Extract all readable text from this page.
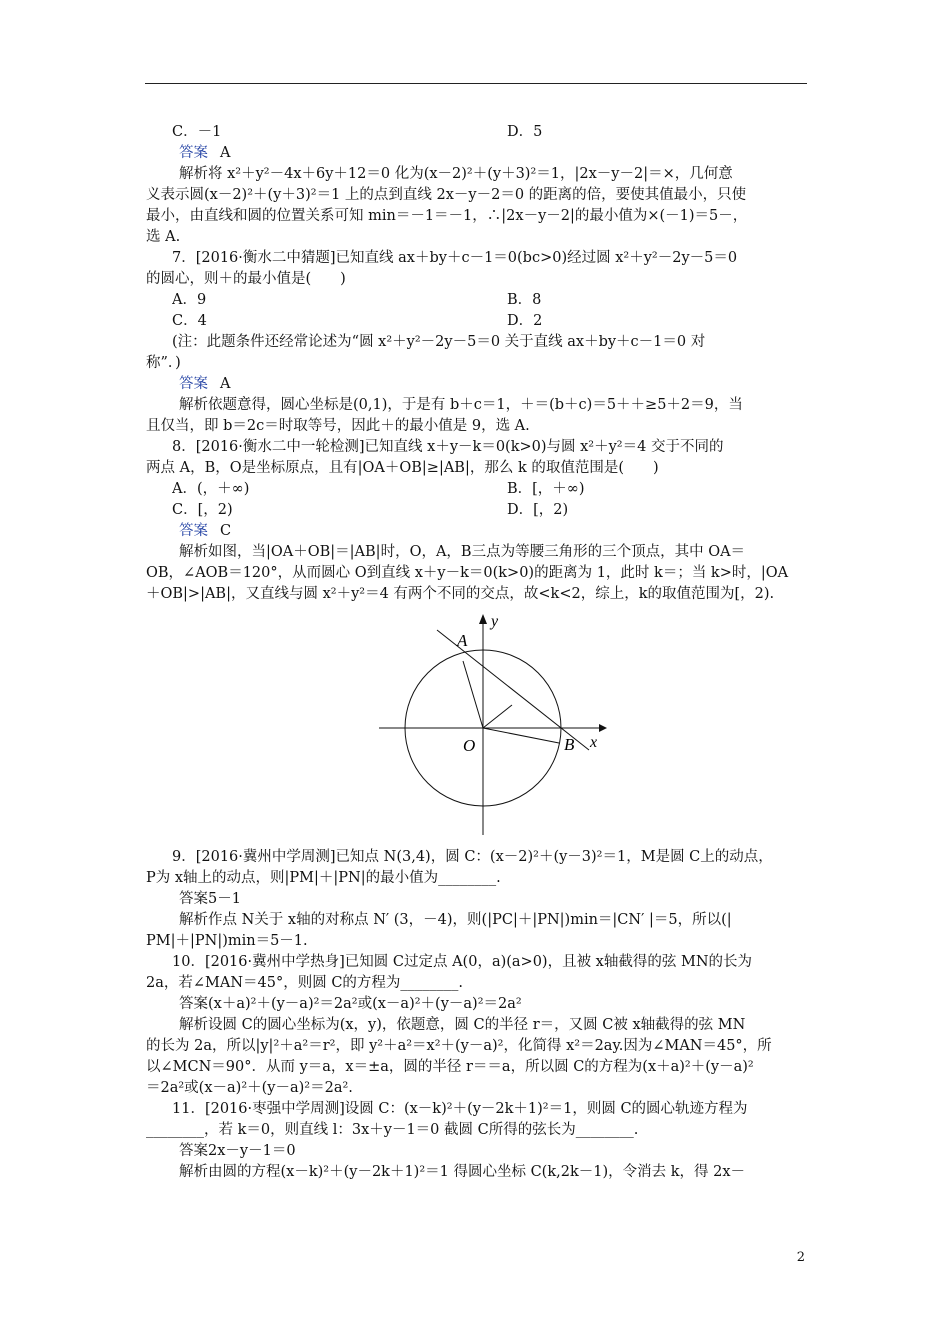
C．－1	D．5
答案 A
解析将 x²＋y²－4x＋6y＋12＝0 化为(x－2)²＋(y＋3)²＝1，|2x－y－2|＝×，几何意
义表示圆(x－2)²＋(y＋3)²＝1 上的点到直线 2x－y－2＝0 的距离的倍，要使其值最小，只使
最小，由直线和圆的位置关系可知 min＝－1＝－1，∴|2x－y－2|的最小值为×(－1)＝5－，
选 A.
7．[2016·衡水二中猜题]已知直线 ax＋by＋c－1＝0(bc>0)经过圆 x²＋y²－2y－5＝0
的圆心，则＋的最小值是(　　)
A．9	B．8
C．4	D．2
(注：此题条件还经常论述为“圆 x²＋y²－2y－5＝0 关于直线 ax＋by＋c－1＝0 对
称”．)
答案 A
解析依题意得，圆心坐标是(0,1)，于是有 b＋c＝1，＋＝(b＋c)＝5＋＋≥5＋2＝9，当
且仅当，即 b＝2c＝时取等号，因此＋的最小值是 9，选 A.
8．[2016·衡水二中一轮检测]已知直线 x＋y－k＝0(k>0)与圆 x²＋y²＝4 交于不同的
两点 A，B，O是坐标原点，且有|OA＋OB|≥|AB|，那么 k 的取值范围是(　　)
A．(，＋∞)	B．[，＋∞)
C．[，2)	D．[，2)
答案 C
解析如图，当|OA＋OB|＝|AB|时，O，A，B三点为等腰三角形的三个顶点，其中 OA＝
OB，∠AOB＝120°，从而圆心 O到直线 x＋y－k＝0(k>0)的距离为 1，此时 k＝；当 k>时，|OA
＋OB|>|AB|，又直线与圆 x²＋y²＝4 有两个不同的交点，故<k<2，综上，k的取值范围为[，2).
y
x
A
B
O
9．[2016·冀州中学周测]已知点 N(3,4)，圆 C：(x－2)²＋(y－3)²＝1，M是圆 C上的动点，
P为 x轴上的动点，则|PM|＋|PN|的最小值为________.
答案5－1
解析作点 N关于 x轴的对称点 N′ (3，－4)，则(|PC|＋|PN|)min＝|CN′ |＝5，所以(|
PM|＋|PN|)min＝5－1.
10．[2016·冀州中学热身]已知圆 C过定点 A(0，a)(a>0)，且被 x轴截得的弦 MN的长为
2a，若∠MAN＝45°，则圆 C的方程为________.
答案(x＋a)²＋(y－a)²＝2a²或(x－a)²＋(y－a)²＝2a²
解析设圆 C的圆心坐标为(x，y)，依题意，圆 C的半径 r＝，又圆 C被 x轴截得的弦 MN
的长为 2a，所以|y|²＋a²＝r²，即 y²＋a²＝x²＋(y－a)²，化简得 x²＝2ay.因为∠MAN＝45°，所
以∠MCN＝90°．从而 y＝a，x＝±a，圆的半径 r＝＝a，所以圆 C的方程为(x＋a)²＋(y－a)²
＝2a²或(x－a)²＋(y－a)²＝2a².
11．[2016·枣强中学周测]设圆 C：(x－k)²＋(y－2k＋1)²＝1，则圆 C的圆心轨迹方程为
________，若 k＝0，则直线 l：3x＋y－1＝0 截圆 C所得的弦长为________.
答案2x－y－1＝0
解析由圆的方程(x－k)²＋(y－2k＋1)²＝1 得圆心坐标 C(k,2k－1)，令消去 k，得 2x－
2
